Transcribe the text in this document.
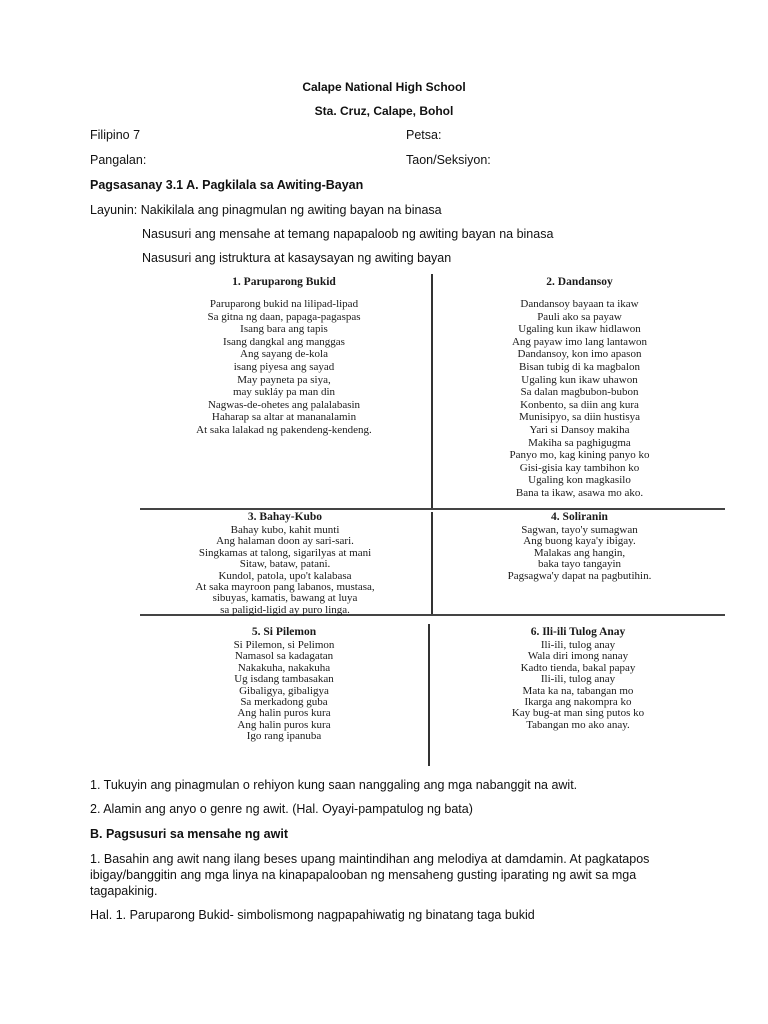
Calape National High School
Sta. Cruz, Calape, Bohol
Filipino 7	Petsa:
Pangalan:	Taon/Seksiyon:
Pagsasanay 3.1 A. Pagkilala sa Awiting-Bayan
Layunin: Nakikilala ang pinagmulan ng awiting bayan na binasa
Nasusuri ang mensahe at temang napapaloob ng awiting bayan na binasa
Nasusuri ang istruktura at kasaysayan ng awiting bayan
1. Paruparong Bukid
Paruparong bukid na lilipad-lipad
Sa gitna ng daan, papaga-pagaspas
Isang bara ang tapis
Isang dangkal ang manggas
Ang sayang de-kola
isang piyesa ang sayad
May payneta pa siya,
may sukláy pa man din
Nagwas-de-ohetes ang palalabasin
Haharap sa altar at mananalamin
At saka lalakad ng pakendeng-kendeng.
2. Dandansoy
Dandansoy bayaan ta ikaw
Pauli ako sa payaw
Ugaling kun ikaw hidlawon
Ang payaw imo lang lantawon
Dandansoy, kon imo apason
Bisan tubig di ka magbalon
Ugaling kun ikaw uhawon
Sa dalan magbubon-bubon
Konbento, sa diin ang kura
Munisipyo, sa diin hustisya
Yari si Dansoy makiha
Makiha sa paghigugma
Panyo mo, kag kining panyo ko
Gisi-gisia kay tambihon ko
Ugaling kon magkasilo
Bana ta ikaw, asawa mo ako.
3. Bahay-Kubo
Bahay kubo, kahit munti
Ang halaman doon ay sari-sari.
Singkamas at talong, sigarilyas at mani
Sitaw, bataw, patani.
Kundol, patola, upo't kalabasa
At saka mayroon pang labanos, mustasa,
sibuyas, kamatis, bawang at luya
sa paligid-ligid ay puro linga.
4. Soliranin
Sagwan, tayo'y sumagwan
Ang buong kaya'y ibigay.
Malakas ang hangin,
baka tayo tangayin
Pagsagwa'y dapat na pagbutihin.
5. Si Pilemon
Si Pilemon, si Pelimon
Namasol sa kadagatan
Nakakuha, nakakuha
Ug isdang tambasakan
Gibaligya, gibaligya
Sa merkadong guba
Ang halin puros kura
Ang halin puros kura
Igo rang ipanuba
6. Ili-ili Tulog Anay
Ili-ili, tulog anay
Wala diri imong nanay
Kadto tienda, bakal papay
Ili-ili, tulog anay
Mata ka na, tabangan mo
Ikarga ang nakompra ko
Kay bug-at man sing putos ko
Tabangan mo ako anay.
1. Tukuyin ang pinagmulan o rehiyon kung saan nanggaling ang mga nabanggit na awit.
2. Alamin ang anyo o genre ng awit. (Hal. Oyayi-pampatulog ng bata)
B. Pagsusuri sa mensahe ng awit
1. Basahin ang awit nang ilang beses upang maintindihan ang melodiya at damdamin. At pagkatapos
ibigay/banggitin ang mga linya na kinapapalooban ng mensaheng gusting iparating ng awit sa mga
tagapakinig.
Hal. 1. Paruparong Bukid- simbolismong nagpapahiwatig ng binatang taga bukid
